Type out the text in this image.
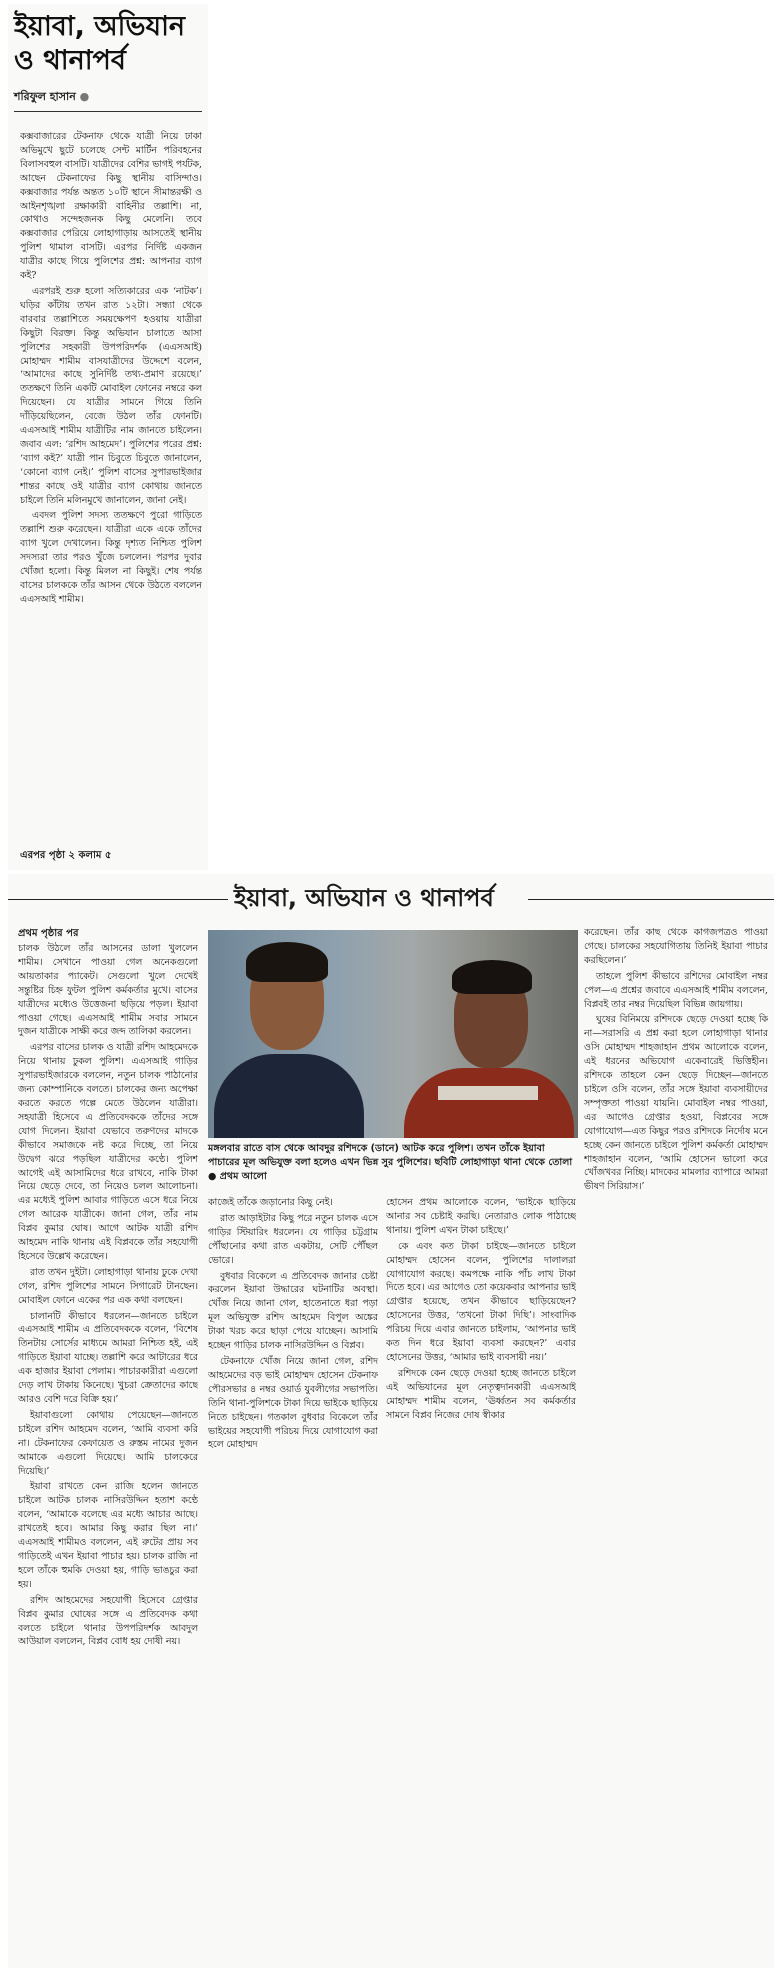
ইয়াবা, অভিযান
ও থানাপর্ব
শরিফুল হাসান ●

কক্সবাজারের টেকনাফ থেকে যাত্রী নিয়ে ঢাকা অভিমুখে ছুটে চলেছে সেন্ট মার্টিন পরিবহনের বিলাসবহুল বাসটি। যাত্রীদের বেশির ভাগই পর্যটক, আছেন টেকনাফের কিছু স্থানীয় বাসিন্দাও। কক্সবাজার পর্যন্ত অন্তত ১০টি স্থানে সীমান্তরক্ষী ও আইনশৃঙ্খলা রক্ষাকারী বাহিনীর তল্লাশি। না, কোথাও সন্দেহজনক কিছু মেলেনি। তবে কক্সবাজার পেরিয়ে লোহাগাড়ায় আসতেই স্থানীয় পুলিশ থামাল বাসটি। এরপর নির্দিষ্ট একজন যাত্রীর কাছে গিয়ে পুলিশের প্রশ্ন: আপনার ব্যাগ কই?

এরপরই শুরু হলো সত্যিকারের এক ‘নাটক’। ঘড়ির কাঁটায় তখন রাত ১২টা। সন্ধ্যা থেকে বারবার তল্লাশিতে সময়ক্ষেপণ হওয়ায় যাত্রীরা কিছুটা বিরক্ত। কিন্তু অভিযান চালাতে আসা পুলিশের সহকারী উপপরিদর্শক (এএসআই) মোহাম্মদ শামীম বাসযাত্রীদের উদ্দেশে বলেন, ‘আমাদের কাছে সুনির্দিষ্ট তথ্য-প্রমাণ রয়েছে।’ ততক্ষণে তিনি একটি মোবাইল ফোনের নম্বরে কল দিয়েছেন। যে যাত্রীর সামনে গিয়ে তিনি দাঁড়িয়েছিলেন, বেজে উঠল তাঁর ফোনটি। এএসআই শামীম যাত্রীটির নাম জানতে চাইলেন। জবাব এল: ‘রশিদ আহমেদ’। পুলিশের পরের প্রশ্ন: ‘ব্যাগ কই?’ যাত্রী পান চিবুতে চিবুতে জানালেন, ‘কোনো ব্যাগ নেই।’ পুলিশ বাসের সুপারভাইজার শান্তর কাছে ওই যাত্রীর ব্যাগ কোথায় জানতে চাইলে তিনি মলিনমুখে জানালেন, জানা নেই।

এবদল পুলিশ সদস্য ততক্ষণে পুরো গাড়িতে তল্লাশি শুরু করেছেন। যাত্রীরা একে একে তাঁদের ব্যাগ খুলে দেখালেন। কিন্তু দৃশ্যত নিশ্চিত পুলিশ সদস্যরা তার পরও খুঁজে চললেন। পরপর দুবার খোঁজা হলো। কিন্তু মিলল না কিছুই। শেষ পর্যন্ত বাসের চালককে তাঁর আসন থেকে উঠতে বললেন এএসআই শামীম।

এরপর পৃষ্ঠা ২ কলাম ৫
ইয়াবা, অভিযান ও থানাপর্ব
প্রথম পৃষ্ঠার পর

চালক উঠলে তাঁর আসনের ডালা খুললেন শামীম। সেখানে পাওয়া গেল অনেকগুলো আয়তাকার প্যাকেট। সেগুলো খুলে দেখেই সন্তুষ্টির চিহ্ন ফুটল পুলিশ কর্মকর্তার মুখে। বাসের যাত্রীদের মধ্যেও উত্তেজনা ছড়িয়ে পড়ল। ইয়াবা পাওয়া গেছে। এএসআই শামীম সবার সামনে দুজন যাত্রীকে সাক্ষী করে জব্দ তালিকা করলেন।

এরপর বাসের চালক ও যাত্রী রশিদ আহমেদকে নিয়ে থানায় ঢুকল পুলিশ। এএসআই গাড়ির সুপারভাইজারকে বললেন, নতুন চালক পাঠানোর জন্য কোম্পানিকে বলতে। চালকের জন্য অপেক্ষা করতে করতে গল্পে মেতে উঠলেন যাত্রীরা। সহযাত্রী হিসেবে এ প্রতিবেদককে তাঁদের সঙ্গে যোগ দিলেন। ইয়াবা যেভাবে তরুণদের মাদকে কীভাবে সমাজকে নষ্ট করে দিচ্ছে, তা নিয়ে উদ্বেগ ঝরে পড়ছিল যাত্রীদের কণ্ঠে। পুলিশ আগেই এই আসামিদের ধরে রাখবে, নাকি টাকা নিয়ে ছেড়ে দেবে, তা নিয়েও চলল আলোচনা। এর মধ্যেই পুলিশ আবার গাড়িতে এসে ধরে নিয়ে গেল আরেক যাত্রীকে। জানা গেল, তাঁর নাম বিপ্লব কুমার ঘোষ। আগে আটক যাত্রী রশিদ আহমেদ নাকি থানায় এই বিপ্লবকে তাঁর সহযোগী হিসেবে উল্লেখ করেছেন।

রাত তখন দুইটা। লোহাগাড়া থানায় ঢুকে দেখা গেল, রশিদ পুলিশের সামনে সিগারেট টানছেন। মোবাইল ফোনে একের পর এক কথা বলছেন।

চালানটি কীভাবে ধরলেন—জানতে চাইলে এএসআই শামীম এ প্রতিবেদককে বলেন, ‘বিশেষ তিনটায় সোর্সের মাধ্যমে আমরা নিশ্চিত হই, এই গাড়িতে ইয়াবা যাচ্ছে। তল্লাশি করে আটারের ধরে এক হাজার ইয়াবা পেলাম। পাচারকারীরা এগুলো দেড় লাখ টাকায় কিনেছে। খুচরা ক্রেতাদের কাছে আরও বেশি দরে বিক্রি হয়।’

ইয়াবাগুলো কোথায় পেয়েছেন—জানতে চাইলে রশিদ আহমেদ বলেন, ‘আমি ব্যবসা করি না। টেকনাফের কেফায়েত ও রুস্তম নামের দুজন আমাকে এগুলো দিয়েছে। আমি চালকেরে দিয়েছি।’

ইয়াবা রাখতে কেন রাজি হলেন জানতে চাইলে আটক চালক নাসিরউদ্দিন হতাশ কণ্ঠে বলেন, ‘আমাকে বলেছে এর মধ্যে আচার আছে। রাখতেই হবে। আমার কিছু করার ছিল না।’ এএসআই শামীমও বললেন, এই রুটের প্রায় সব গাড়িতেই এখন ইয়াবা পাচার হয়। চালক রাজি না হলে তাঁকে হুমকি দেওয়া হয়, গাড়ি ভাঙচুর করা হয়।

রশিদ আহমেদের সহযোগী হিসেবে গ্রেপ্তার বিপ্লব কুমার ঘোষের সঙ্গে এ প্রতিবেদক কথা বলতে চাইলে থানার উপপরিদর্শক আবদুল আউয়াল বললেন, বিপ্লব বোধ হয় দোষী নয়।

মঙ্গলবার রাতে বাস থেকে আবদুর রশিদকে (ডানে) আটক করে পুলিশ। তখন তাঁকে ইয়াবা পাচারের মূল অভিযুক্ত বলা হলেও এখন ভিন্ন সুর পুলিশের। ছবিটি লোহাগাড়া থানা থেকে তোলা ● প্রথম আলো

কাজেই তাঁকে জড়ানোর কিছু নেই।

রাত আড়াইটার কিছু পরে নতুন চালক এসে গাড়ির স্টিয়ারিং ধরলেন। যে গাড়ির চট্টগ্রাম পৌঁছানোর কথা রাত একটায়, সেটি পৌঁছল ভোরে।

বুধবার বিকেলে এ প্রতিবেদক জানার চেষ্টা করলেন ইয়াবা উদ্ধারের ঘটনাটির অবস্থা। খোঁজ নিয়ে জানা গেল, হাতেনাতে ধরা পড়া মূল অভিযুক্ত রশিদ আহমেদ বিপুল অঙ্কের টাকা খরচ করে ছাড়া পেয়ে যাচ্ছেন। আসামি হচ্ছেন গাড়ির চালক নাসিরউদ্দিন ও বিপ্লব।

টেকনাফে খোঁজ নিয়ে জানা গেল, রশিদ আহমেদের বড় ভাই মোহাম্মদ হোসেন টেকনাফ পৌরসভার ৪ নম্বর ওয়ার্ড যুবলীগের সভাপতি। তিনি থানা-পুলিশকে টাকা দিয়ে ভাইকে ছাড়িয়ে নিতে চাইছেন। গতকাল বুধবার বিকেলে তাঁর ভাইয়ের সহযোগী পরিচয় দিয়ে যোগাযোগ করা হলে মোহাম্মদ

হোসেন প্রথম আলোকে বলেন, ‘ভাইকে ছাড়িয়ে আনার সব চেষ্টাই করছি। নেতারাও লোক পাঠাচ্ছে থানায়। পুলিশ এখন টাকা চাইছে।’

কে এবং কত টাকা চাইছে—জানতে চাইলে মোহাম্মদ হোসেন বলেন, পুলিশের দালালরা যোগাযোগ করছে। কমপক্ষে নাকি পাঁচ লাখ টাকা দিতে হবে। এর আগেও তো কয়েকবার আপনার ভাই গ্রেপ্তার হয়েছে, তখন কীভাবে ছাড়িয়েছেন? হোসেনের উত্তর, ‘তখনো টাকা দিছি’। সাংবাদিক পরিচয় দিয়ে এবার জানতে চাইলাম, ‘আপনার ভাই কত দিন ধরে ইয়াবা ব্যবসা করছেন?’ এবার হোসেনের উত্তর, ‘আমার ভাই ব্যবসায়ী নয়।’

রশিদকে কেন ছেড়ে দেওয়া হচ্ছে জানতে চাইলে এই অভিযানের মূল নেতৃত্বদানকারী এএসআই মোহাম্মদ শামীম বলেন, ‘ঊর্ধ্বতন সব কর্মকর্তার সামনে বিপ্লব নিজের দোষ স্বীকার

করেছেন। তাঁর কাছ থেকে কাগজপত্রও পাওয়া গেছে। চালকের সহযোগিতায় তিনিই ইয়াবা পাচার করছিলেন।’

তাহলে পুলিশ কীভাবে রশিদের মোবাইল নম্বর পেল—এ প্রশ্নের জবাবে এএসআই শামীম বললেন, বিপ্লবই তার নম্বর দিয়েছিল বিভিন্ন জায়গায়।

ঘুষের বিনিময়ে রশিদকে ছেড়ে দেওয়া হচ্ছে কি না—সরাসরি এ প্রশ্ন করা হলে লোহাগাড়া থানার ওসি মোহাম্মদ শাহজাহান প্রথম আলোকে বলেন, এই ধরনের অভিযোগ একেবারেই ভিত্তিহীন। রশিদকে তাহলে কেন ছেড়ে দিচ্ছেন—জানতে চাইলে ওসি বলেন, তাঁর সঙ্গে ইয়াবা ব্যবসায়ীদের সম্পৃক্ততা পাওয়া যায়নি। মোবাইল নম্বর পাওয়া, এর আগেও গ্রেপ্তার হওয়া, বিপ্লবের সঙ্গে যোগাযোগ—এত কিছুর পরও রশিদকে নির্দোষ মনে হচ্ছে কেন জানতে চাইলে পুলিশ কর্মকর্তা মোহাম্মদ শাহজাহান বলেন, ‘আমি হোসেন ভালো করে খোঁজখবর নিচ্ছি। মাদকের মামলার ব্যাপারে আমরা ভীষণ সিরিয়াস।’
